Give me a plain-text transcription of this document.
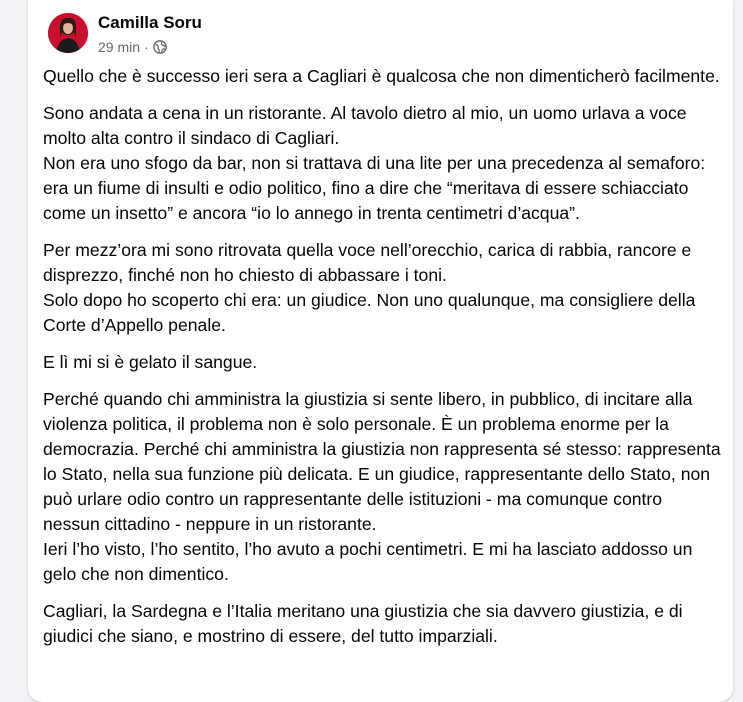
Camilla Soru
29 min ·

Quello che è successo ieri sera a Cagliari è qualcosa che non dimenticherò facilmente.

Sono andata a cena in un ristorante. Al tavolo dietro al mio, un uomo urlava a voce molto alta contro il sindaco di Cagliari.
Non era uno sfogo da bar, non si trattava di una lite per una precedenza al semaforo: era un fiume di insulti e odio politico, fino a dire che “meritava di essere schiacciato come un insetto” e ancora “io lo annego in trenta centimetri d’acqua”.

Per mezz’ora mi sono ritrovata quella voce nell’orecchio, carica di rabbia, rancore e disprezzo, finché non ho chiesto di abbassare i toni.
Solo dopo ho scoperto chi era: un giudice. Non uno qualunque, ma consigliere della Corte d’Appello penale.

E lì mi si è gelato il sangue.

Perché quando chi amministra la giustizia si sente libero, in pubblico, di incitare alla violenza politica, il problema non è solo personale. È un problema enorme per la democrazia. Perché chi amministra la giustizia non rappresenta sé stesso: rappresenta lo Stato, nella sua funzione più delicata. E un giudice, rappresentante dello Stato, non può urlare odio contro un rappresentante delle istituzioni - ma comunque contro nessun cittadino - neppure in un ristorante.
Ieri l’ho visto, l’ho sentito, l’ho avuto a pochi centimetri. E mi ha lasciato addosso un gelo che non dimentico.

Cagliari, la Sardegna e l’Italia meritano una giustizia che sia davvero giustizia, e di giudici che siano, e mostrino di essere, del tutto imparziali.
